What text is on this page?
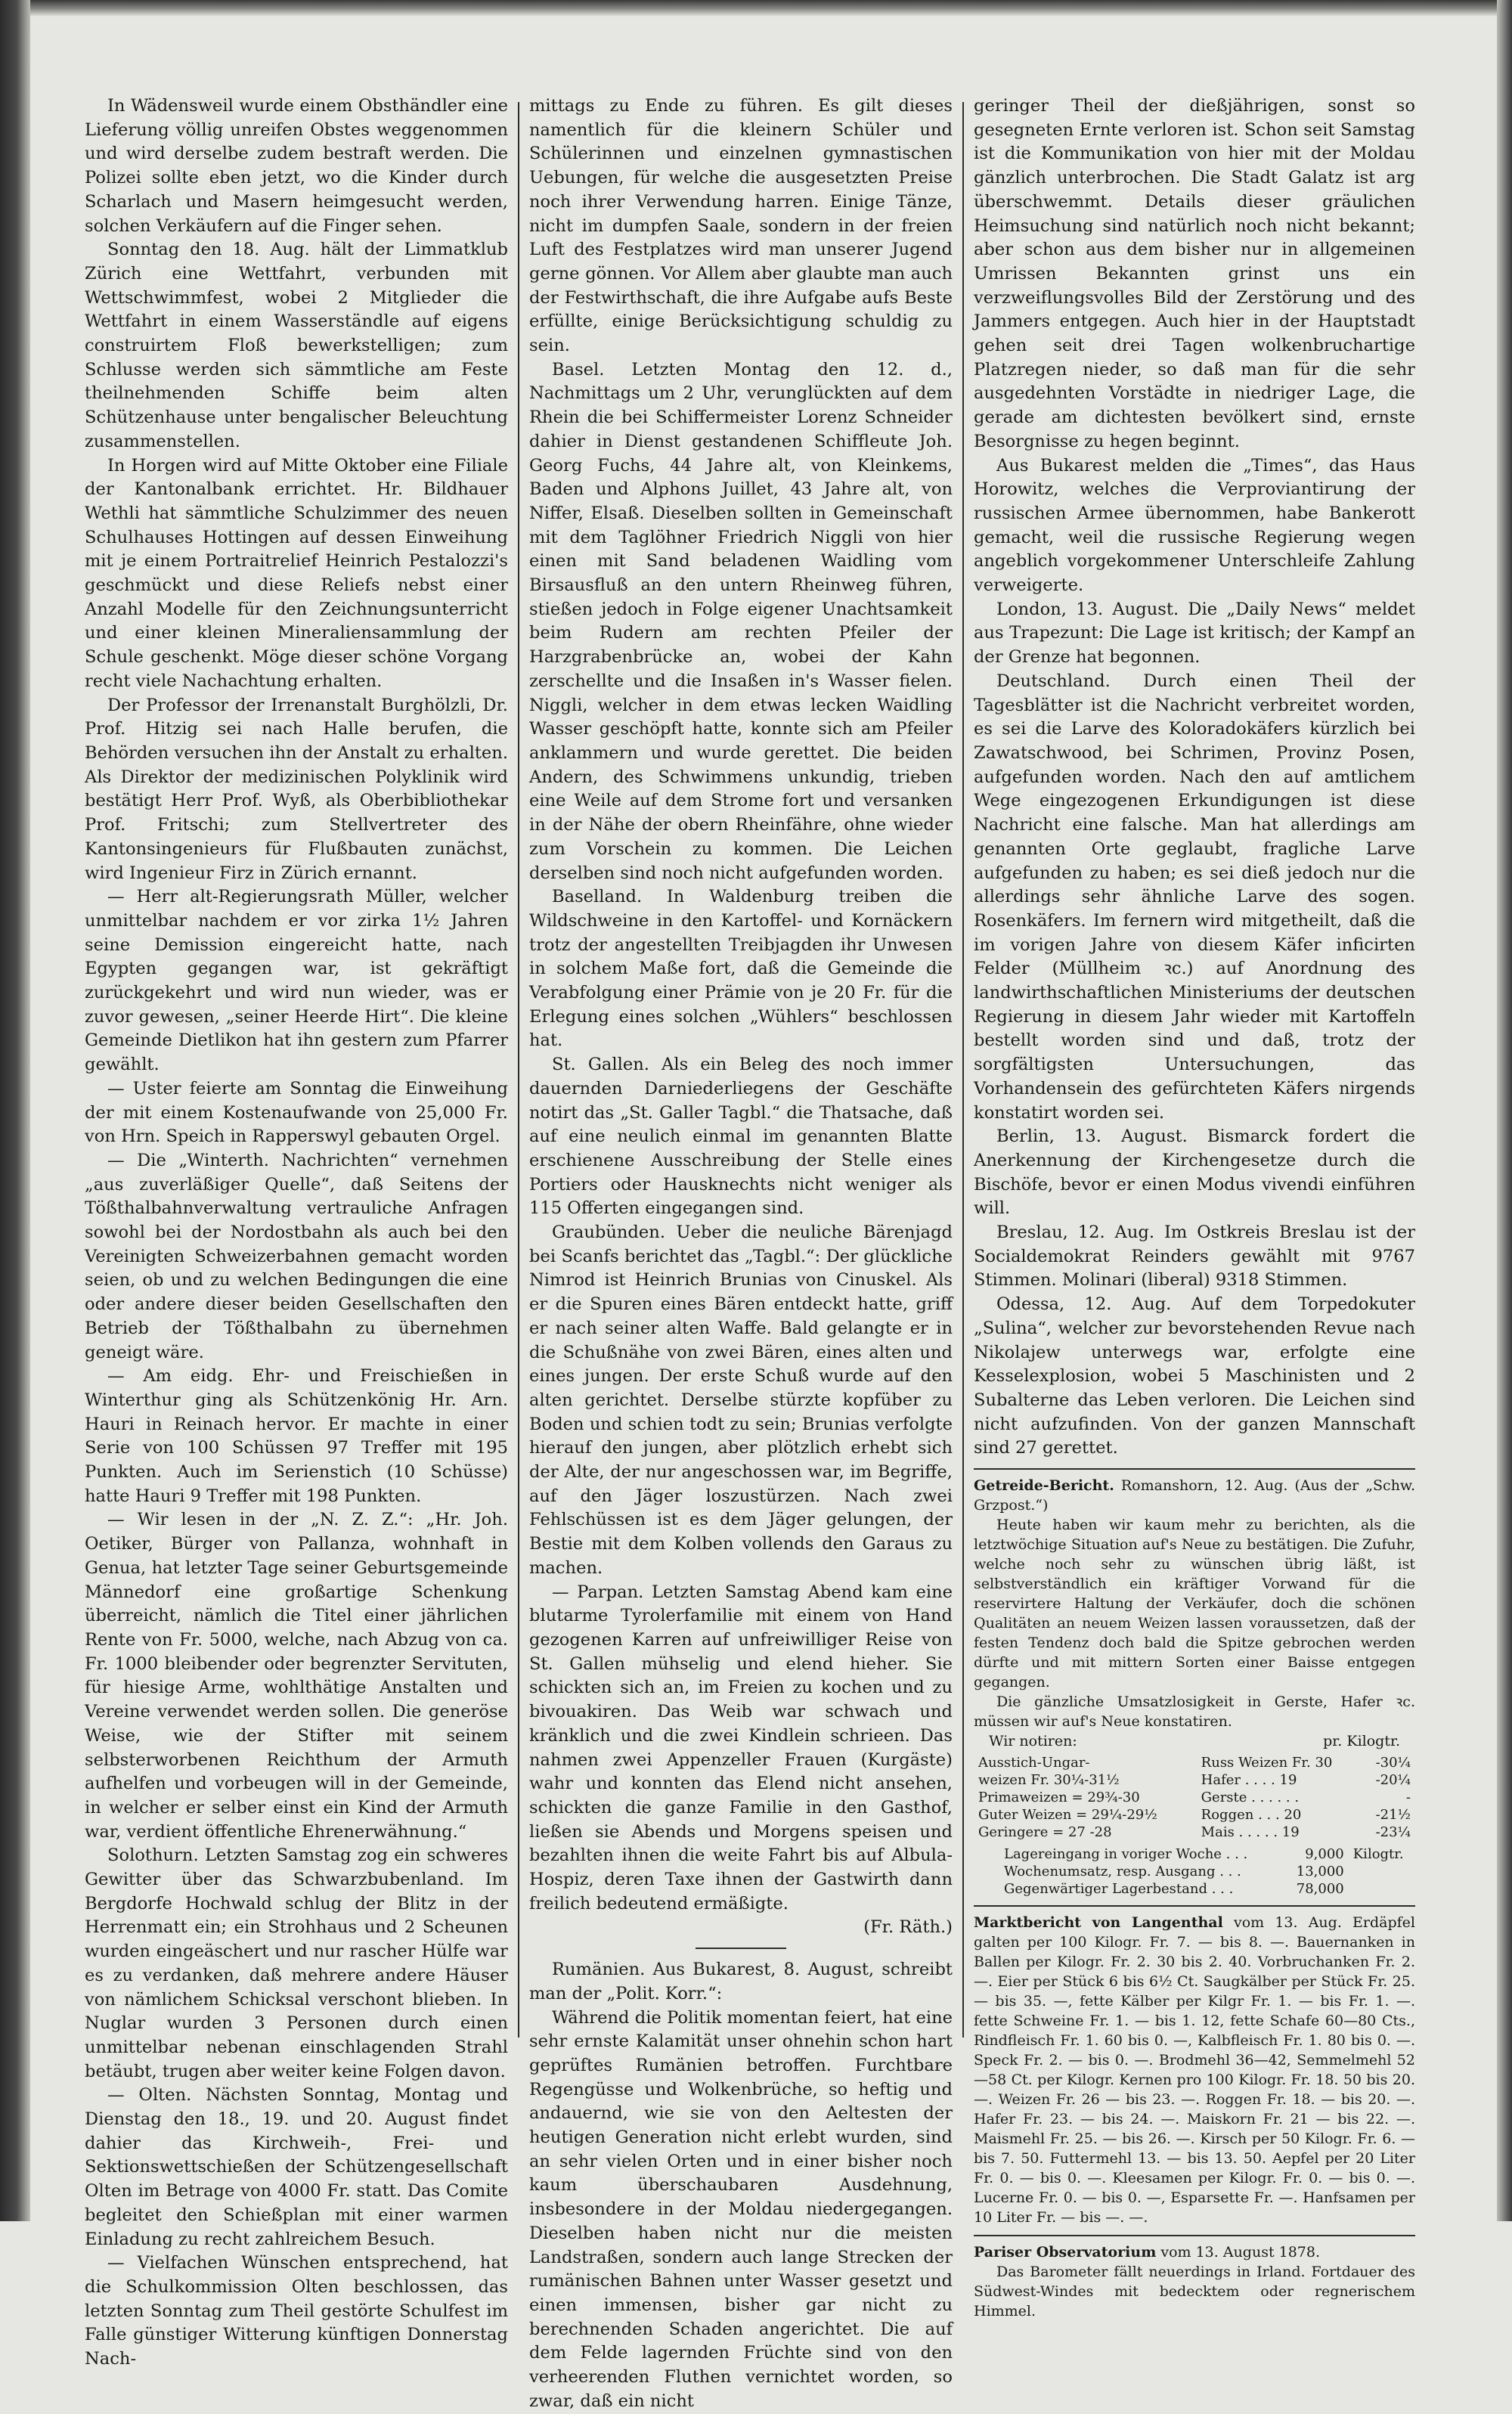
In Wädensweil wurde einem Obsthändler eine Lieferung völlig unreifen Obstes weggenommen und wird derselbe zudem bestraft werden. Die Polizei sollte eben jetzt, wo die Kinder durch Scharlach und Masern heimgesucht werden, solchen Verkäufern auf die Finger sehen.

Sonntag den 18. Aug. hält der Limmatklub Zürich eine Wettfahrt, verbunden mit Wettschwimmfest, wobei 2 Mitglieder die Wettfahrt in einem Wasserständle auf eigens construirtem Floß bewerkstelligen; zum Schlusse werden sich sämmtliche am Feste theilnehmenden Schiffe beim alten Schützenhause unter bengalischer Beleuchtung zusammenstellen.

In Horgen wird auf Mitte Oktober eine Filiale der Kantonalbank errichtet. Hr. Bildhauer Wethli hat sämmtliche Schulzimmer des neuen Schulhauses Hottingen auf dessen Einweihung mit je einem Portraitrelief Heinrich Pestalozzi's geschmückt und diese Reliefs nebst einer Anzahl Modelle für den Zeichnungsunterricht und einer kleinen Mineraliensammlung der Schule geschenkt. Möge dieser schöne Vorgang recht viele Nachachtung erhalten.

Der Professor der Irrenanstalt Burghölzli, Dr. Prof. Hitzig sei nach Halle berufen, die Behörden versuchen ihn der Anstalt zu erhalten. Als Direktor der medizinischen Polyklinik wird bestätigt Herr Prof. Wyß, als Oberbibliothekar Prof. Fritschi; zum Stellvertreter des Kantonsingenieurs für Flußbauten zunächst, wird Ingenieur Firz in Zürich ernannt.

— Herr alt-Regierungsrath Müller, welcher unmittelbar nachdem er vor zirka 1½ Jahren seine Demission eingereicht hatte, nach Egypten gegangen war, ist gekräftigt zurückgekehrt und wird nun wieder, was er zuvor gewesen, „seiner Heerde Hirt“. Die kleine Gemeinde Dietlikon hat ihn gestern zum Pfarrer gewählt.

— Uster feierte am Sonntag die Einweihung der mit einem Kostenaufwande von 25,000 Fr. von Hrn. Speich in Rapperswyl gebauten Orgel.

— Die „Winterth. Nachrichten“ vernehmen „aus zuverläßiger Quelle“, daß Seitens der Tößthalbahnverwaltung vertrauliche Anfragen sowohl bei der Nordostbahn als auch bei den Vereinigten Schweizerbahnen gemacht worden seien, ob und zu welchen Bedingungen die eine oder andere dieser beiden Gesellschaften den Betrieb der Tößthalbahn zu übernehmen geneigt wäre.

— Am eidg. Ehr- und Freischießen in Winterthur ging als Schützenkönig Hr. Arn. Hauri in Reinach hervor. Er machte in einer Serie von 100 Schüssen 97 Treffer mit 195 Punkten. Auch im Serienstich (10 Schüsse) hatte Hauri 9 Treffer mit 198 Punkten.

— Wir lesen in der „N. Z. Z.“: „Hr. Joh. Oetiker, Bürger von Pallanza, wohnhaft in Genua, hat letzter Tage seiner Geburtsgemeinde Männedorf eine großartige Schenkung überreicht, nämlich die Titel einer jährlichen Rente von Fr. 5000, welche, nach Abzug von ca. Fr. 1000 bleibender oder begrenzter Servituten, für hiesige Arme, wohlthätige Anstalten und Vereine verwendet werden sollen. Die generöse Weise, wie der Stifter mit seinem selbsterworbenen Reichthum der Armuth aufhelfen und vorbeugen will in der Gemeinde, in welcher er selber einst ein Kind der Armuth war, verdient öffentliche Ehrenerwähnung.“

Solothurn. Letzten Samstag zog ein schweres Gewitter über das Schwarzbubenland. Im Bergdorfe Hochwald schlug der Blitz in der Herrenmatt ein; ein Strohhaus und 2 Scheunen wurden eingeäschert und nur rascher Hülfe war es zu verdanken, daß mehrere andere Häuser von nämlichem Schicksal verschont blieben. In Nuglar wurden 3 Personen durch einen unmittelbar nebenan einschlagenden Strahl betäubt, trugen aber weiter keine Folgen davon.

— Olten. Nächsten Sonntag, Montag und Dienstag den 18., 19. und 20. August findet dahier das Kirchweih-, Frei- und Sektionswettschießen der Schützengesellschaft Olten im Betrage von 4000 Fr. statt. Das Comite begleitet den Schießplan mit einer warmen Einladung zu recht zahlreichem Besuch.

— Vielfachen Wünschen entsprechend, hat die Schulkommission Olten beschlossen, das letzten Sonntag zum Theil gestörte Schulfest im Falle günstiger Witterung künftigen Donnerstag Nach-

mittags zu Ende zu führen. Es gilt dieses namentlich für die kleinern Schüler und Schülerinnen und einzelnen gymnastischen Uebungen, für welche die ausgesetzten Preise noch ihrer Verwendung harren. Einige Tänze, nicht im dumpfen Saale, sondern in der freien Luft des Festplatzes wird man unserer Jugend gerne gönnen. Vor Allem aber glaubte man auch der Festwirthschaft, die ihre Aufgabe aufs Beste erfüllte, einige Berücksichtigung schuldig zu sein.

Basel. Letzten Montag den 12. d., Nachmittags um 2 Uhr, verunglückten auf dem Rhein die bei Schiffermeister Lorenz Schneider dahier in Dienst gestandenen Schiffleute Joh. Georg Fuchs, 44 Jahre alt, von Kleinkems, Baden und Alphons Juillet, 43 Jahre alt, von Niffer, Elsaß. Dieselben sollten in Gemeinschaft mit dem Taglöhner Friedrich Niggli von hier einen mit Sand beladenen Waidling vom Birsausfluß an den untern Rheinweg führen, stießen jedoch in Folge eigener Unachtsamkeit beim Rudern am rechten Pfeiler der Harzgrabenbrücke an, wobei der Kahn zerschellte und die Insaßen in's Wasser fielen. Niggli, welcher in dem etwas lecken Waidling Wasser geschöpft hatte, konnte sich am Pfeiler anklammern und wurde gerettet. Die beiden Andern, des Schwimmens unkundig, trieben eine Weile auf dem Strome fort und versanken in der Nähe der obern Rheinfähre, ohne wieder zum Vorschein zu kommen. Die Leichen derselben sind noch nicht aufgefunden worden.

Baselland. In Waldenburg treiben die Wildschweine in den Kartoffel- und Kornäckern trotz der angestellten Treibjagden ihr Unwesen in solchem Maße fort, daß die Gemeinde die Verabfolgung einer Prämie von je 20 Fr. für die Erlegung eines solchen „Wühlers“ beschlossen hat.

St. Gallen. Als ein Beleg des noch immer dauernden Darniederliegens der Geschäfte notirt das „St. Galler Tagbl.“ die Thatsache, daß auf eine neulich einmal im genannten Blatte erschienene Ausschreibung der Stelle eines Portiers oder Hausknechts nicht weniger als 115 Offerten eingegangen sind.

Graubünden. Ueber die neuliche Bärenjagd bei Scanfs berichtet das „Tagbl.“: Der glückliche Nimrod ist Heinrich Brunias von Cinuskel. Als er die Spuren eines Bären entdeckt hatte, griff er nach seiner alten Waffe. Bald gelangte er in die Schußnähe von zwei Bären, eines alten und eines jungen. Der erste Schuß wurde auf den alten gerichtet. Derselbe stürzte kopfüber zu Boden und schien todt zu sein; Brunias verfolgte hierauf den jungen, aber plötzlich erhebt sich der Alte, der nur angeschossen war, im Begriffe, auf den Jäger loszustürzen. Nach zwei Fehlschüssen ist es dem Jäger gelungen, der Bestie mit dem Kolben vollends den Garaus zu machen.

— Parpan. Letzten Samstag Abend kam eine blutarme Tyrolerfamilie mit einem von Hand gezogenen Karren auf unfreiwilliger Reise von St. Gallen mühselig und elend hieher. Sie schickten sich an, im Freien zu kochen und zu bivouakiren. Das Weib war schwach und kränklich und die zwei Kindlein schrieen. Das nahmen zwei Appenzeller Frauen (Kurgäste) wahr und konnten das Elend nicht ansehen, schickten die ganze Familie in den Gasthof, ließen sie Abends und Morgens speisen und bezahlten ihnen die weite Fahrt bis auf Albula-Hospiz, deren Taxe ihnen der Gastwirth dann freilich bedeutend ermäßigte.

(Fr. Räth.)

Rumänien. Aus Bukarest, 8. August, schreibt man der „Polit. Korr.“:

Während die Politik momentan feiert, hat eine sehr ernste Kalamität unser ohnehin schon hart geprüftes Rumänien betroffen. Furchtbare Regengüsse und Wolkenbrüche, so heftig und andauernd, wie sie von den Aeltesten der heutigen Generation nicht erlebt wurden, sind an sehr vielen Orten und in einer bisher noch kaum überschaubaren Ausdehnung, insbesondere in der Moldau niedergegangen. Dieselben haben nicht nur die meisten Landstraßen, sondern auch lange Strecken der rumänischen Bahnen unter Wasser gesetzt und einen immensen, bisher gar nicht zu berechnenden Schaden angerichtet. Die auf dem Felde lagernden Früchte sind von den verheerenden Fluthen vernichtet worden, so zwar, daß ein nicht

geringer Theil der dießjährigen, sonst so gesegneten Ernte verloren ist. Schon seit Samstag ist die Kommunikation von hier mit der Moldau gänzlich unterbrochen. Die Stadt Galatz ist arg überschwemmt. Details dieser gräulichen Heimsuchung sind natürlich noch nicht bekannt; aber schon aus dem bisher nur in allgemeinen Umrissen Bekannten grinst uns ein verzweiflungsvolles Bild der Zerstörung und des Jammers entgegen. Auch hier in der Hauptstadt gehen seit drei Tagen wolkenbruchartige Platzregen nieder, so daß man für die sehr ausgedehnten Vorstädte in niedriger Lage, die gerade am dichtesten bevölkert sind, ernste Besorgnisse zu hegen beginnt.

Aus Bukarest melden die „Times“, das Haus Horowitz, welches die Verproviantirung der russischen Armee übernommen, habe Bankerott gemacht, weil die russische Regierung wegen angeblich vorgekommener Unterschleife Zahlung verweigerte.

London, 13. August. Die „Daily News“ meldet aus Trapezunt: Die Lage ist kritisch; der Kampf an der Grenze hat begonnen.

Deutschland. Durch einen Theil der Tagesblätter ist die Nachricht verbreitet worden, es sei die Larve des Koloradokäfers kürzlich bei Zawatschwood, bei Schrimen, Provinz Posen, aufgefunden worden. Nach den auf amtlichem Wege eingezogenen Erkundigungen ist diese Nachricht eine falsche. Man hat allerdings am genannten Orte geglaubt, fragliche Larve aufgefunden zu haben; es sei dieß jedoch nur die allerdings sehr ähnliche Larve des sogen. Rosenkäfers. Im fernern wird mitgetheilt, daß die im vorigen Jahre von diesem Käfer inficirten Felder (Müllheim ꝛc.) auf Anordnung des landwirthschaftlichen Ministeriums der deutschen Regierung in diesem Jahr wieder mit Kartoffeln bestellt worden sind und daß, trotz der sorgfältigsten Untersuchungen, das Vorhandensein des gefürchteten Käfers nirgends konstatirt worden sei.

Berlin, 13. August. Bismarck fordert die Anerkennung der Kirchengesetze durch die Bischöfe, bevor er einen Modus vivendi einführen will.

Breslau, 12. Aug. Im Ostkreis Breslau ist der Socialdemokrat Reinders gewählt mit 9767 Stimmen. Molinari (liberal) 9318 Stimmen.

Odessa, 12. Aug. Auf dem Torpedokuter „Sulina“, welcher zur bevorstehenden Revue nach Nikolajew unterwegs war, erfolgte eine Kesselexplosion, wobei 5 Maschinisten und 2 Subalterne das Leben verloren. Die Leichen sind nicht aufzufinden. Von der ganzen Mannschaft sind 27 gerettet.

Getreide-Bericht. Romanshorn, 12. Aug. (Aus der „Schw. Grzpost.“)

Heute haben wir kaum mehr zu berichten, als die letztwöchige Situation auf's Neue zu bestätigen. Die Zufuhr, welche noch sehr zu wünschen übrig läßt, ist selbstverständlich ein kräftiger Vorwand für die reservirtere Haltung der Verkäufer, doch die schönen Qualitäten an neuem Weizen lassen voraussetzen, daß der festen Tendenz doch bald die Spitze gebrochen werden dürfte und mit mittern Sorten einer Baisse entgegen gegangen.

Die gänzliche Umsatzlosigkeit in Gerste, Hafer ꝛc. müssen wir auf's Neue konstatiren.

Wir notiren:	pr. Kilogtr.
Ausstich-Ungar-	Russ Weizen Fr. 30	-30¼
weizen Fr. 30¼-31½	Hafer . . . . 19	-20¼
Primaweizen = 29¾-30	Gerste . . . . . .	-
Guter Weizen = 29¼-29½	Roggen . . . 20	-21½
Geringere = 27 -28	Mais . . . . . 19	-23¼
Lagereingang in voriger Woche . . .	9,000	Kilogtr.
Wochenumsatz, resp. Ausgang . . .	13,000	
Gegenwärtiger Lagerbestand . . .	78,000	
Marktbericht von Langenthal vom 13. Aug. Erdäpfel galten per 100 Kilogr. Fr. 7. — bis 8. —. Bauernanken in Ballen per Kilogr. Fr. 2. 30 bis 2. 40. Vorbruchanken Fr. 2. —. Eier per Stück 6 bis 6½ Ct. Saugkälber per Stück Fr. 25. — bis 35. —, fette Kälber per Kilgr Fr. 1. — bis Fr. 1. —. fette Schweine Fr. 1. — bis 1. 12, fette Schafe 60—80 Cts., Rindfleisch Fr. 1. 60 bis 0. —, Kalbfleisch Fr. 1. 80 bis 0. —. Speck Fr. 2. — bis 0. —. Brodmehl 36—42, Semmelmehl 52—58 Ct. per Kilogr. Kernen pro 100 Kilogr. Fr. 18. 50 bis 20. —. Weizen Fr. 26 — bis 23. —. Roggen Fr. 18. — bis 20. —. Hafer Fr. 23. — bis 24. —. Maiskorn Fr. 21 — bis 22. —. Maismehl Fr. 25. — bis 26. —. Kirsch per 50 Kilogr. Fr. 6. — bis 7. 50. Futtermehl 13. — bis 13. 50. Aepfel per 20 Liter Fr. 0. — bis 0. —. Kleesamen per Kilogr. Fr. 0. — bis 0. —. Lucerne Fr. 0. — bis 0. —, Esparsette Fr. —. Hanfsamen per 10 Liter Fr. — bis —. —.
Pariser Observatorium vom 13. August 1878.

Das Barometer fällt neuerdings in Irland. Fortdauer des Südwest-Windes mit bedecktem oder regnerischem Himmel.
